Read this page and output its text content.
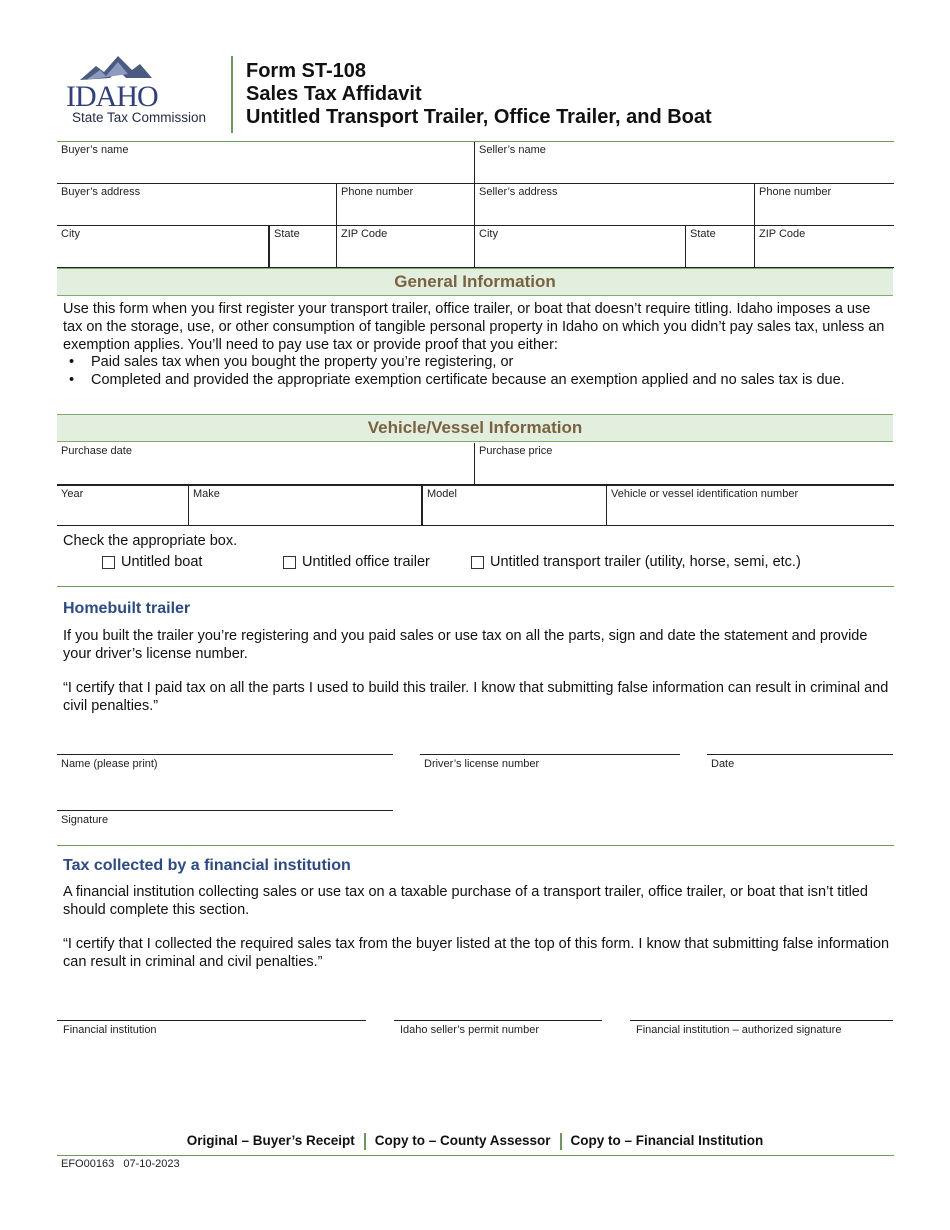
IDAHO
State Tax Commission
Form ST-108
Sales Tax Affidavit
Untitled Transport Trailer, Office Trailer, and Boat
Buyer’s name	Seller’s name
Buyer’s address	Phone number	Seller’s address	Phone number
City	State	ZIP Code	City	State	ZIP Code
General Information
Use this form when you first register your transport trailer, office trailer, or boat that doesn’t require titling. Idaho imposes a use tax on the storage, use, or other consumption of tangible personal property in Idaho on which you didn’t pay sales tax, unless an exemption applies. You’ll need to pay use tax or provide proof that you either:
• Paid sales tax when you bought the property you’re registering, or
• Completed and provided the appropriate exemption certificate because an exemption applied and no sales tax is due.
Vehicle/Vessel Information
Purchase date	Purchase price
Year	Make	Model	Vehicle or vessel identification number
Check the appropriate box.
Untitled boat	Untitled office trailer	Untitled transport trailer (utility, horse, semi, etc.)
Homebuilt trailer
If you built the trailer you’re registering and you paid sales or use tax on all the parts, sign and date the statement and provide your driver’s license number.
“I certify that I paid tax on all the parts I used to build this trailer. I know that submitting false information can result in criminal and civil penalties.”
Name (please print)	Driver’s license number	Date
Signature
Tax collected by a financial institution
A financial institution collecting sales or use tax on a taxable purchase of a transport trailer, office trailer, or boat that isn’t titled should complete this section.
“I certify that I collected the required sales tax from the buyer listed at the top of this form. I know that submitting false information can result in criminal and civil penalties.”
Financial institution	Idaho seller’s permit number	Financial institution – authorized signature
Original – Buyer’s Receipt Copy to – County Assessor Copy to – Financial Institution
EFO00163 07-10-2023
